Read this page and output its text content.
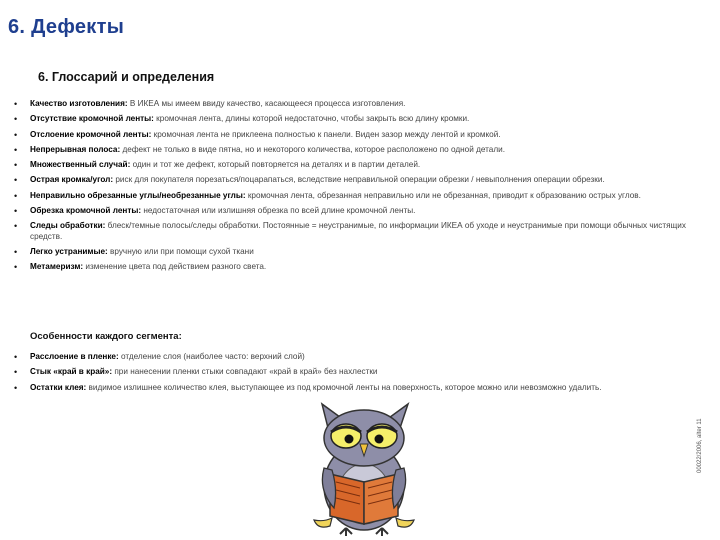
6. Дефекты
6. Глоссарий и определения
• Качество изготовления: В ИКЕА мы имеем ввиду качество, касающееся процесса изготовления.
• Отсутствие кромочной ленты: кромочная лента, длины которой недостаточно, чтобы закрыть всю длину кромки.
• Отслоение кромочной ленты: кромочная лента не приклеена полностью к панели. Виден зазор между лентой и кромкой.
• Непрерывная полоса: дефект не только в виде пятна, но и некоторого количества, которое расположено по одной детали.
• Множественный случай: один и тот же дефект, который повторяется на деталях и в партии деталей.
• Острая кромка/угол: риск для покупателя порезаться/поцарапаться, вследствие неправильной операции обрезки / невыполнения операции обрезки.
• Неправильно обрезанные углы/необрезанные углы: кромочная лента, обрезанная неправильно или не обрезанная, приводит к образованию острых углов.
• Обрезка кромочной ленты: недостаточная или излишняя обрезка по всей длине кромочной ленты.
• Следы обработки: блеск/темные полосы/следы обработки. Постоянные = неустранимые, по информации ИКЕА об уходе и неустранимые при помощи обычных чистящих средств.
• Легко устранимые: вручную или при помощи сухой ткани
• Метамеризм: изменение цвета под действием разного света.
Особенности каждого сегмента:
• Расслоение в пленке: отделение слоя (наиболее часто: верхний слой)
• Стык «край в край»: при нанесении пленки стыки совпадают «край в край» без нахлестки
• Остатки клея: видимое излишнее количество клея, выступающее из под кромочной ленты на поверхность, которое можно или невозможно удалить.
00022/2006, alter 11
